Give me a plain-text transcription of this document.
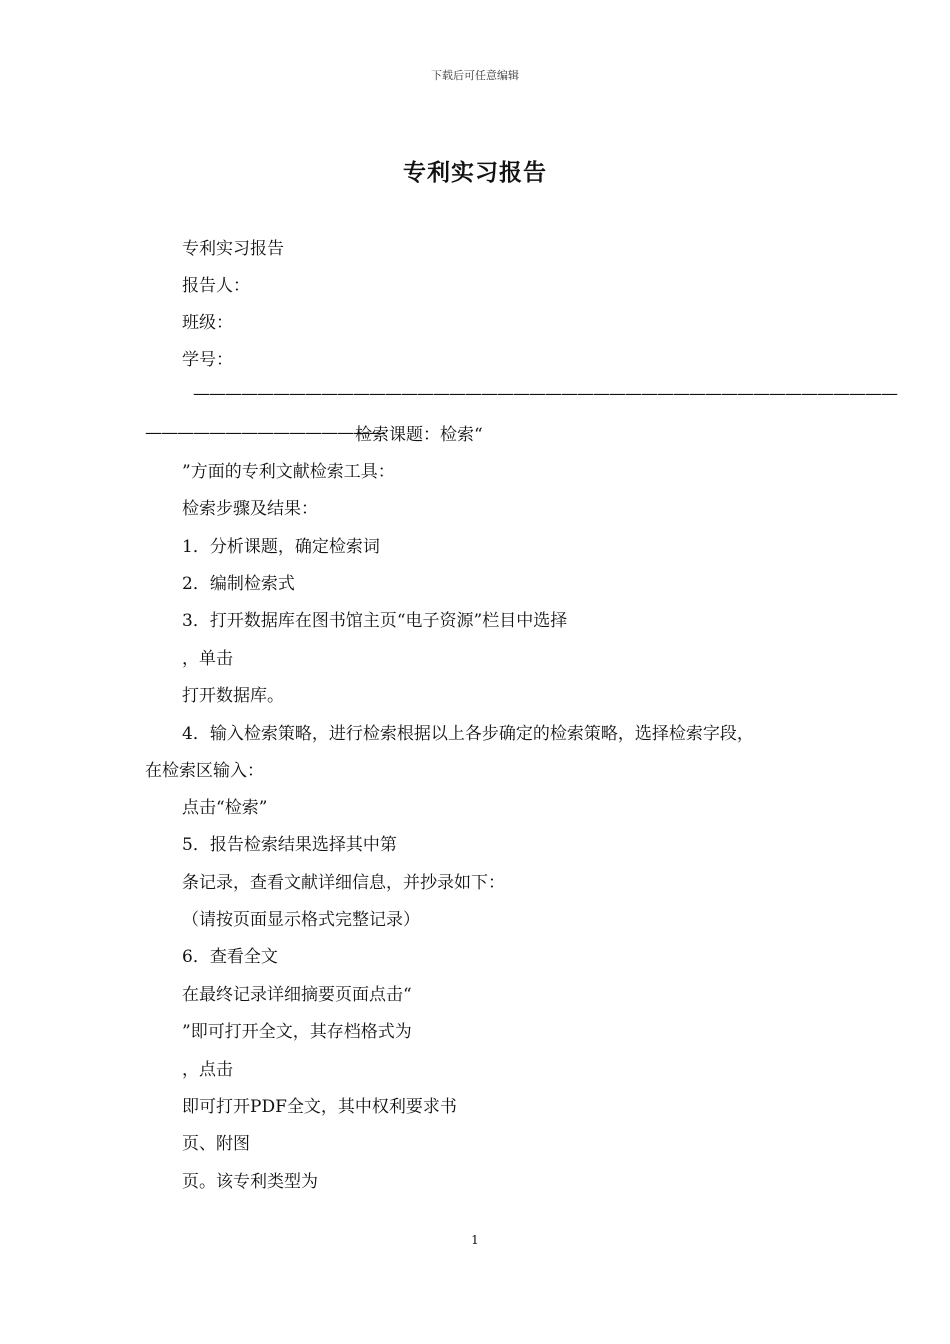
下载后可任意编辑
专利实习报告
专利实习报告
报告人：
班级：
学号：
————————————————————————————————————————————
———————————————
检索课题：检索“
”方面的专利文献检索工具：
检索步骤及结果：
1．分析课题，确定检索词
2．编制检索式
3．打开数据库在图书馆主页“电子资源”栏目中选择
，单击
打开数据库。
4．输入检索策略，进行检索根据以上各步确定的检索策略，选择检索字段，
在检索区输入：
点击“检索”
5．报告检索结果选择其中第
条记录，查看文献详细信息，并抄录如下：
（请按页面显示格式完整记录）
6．查看全文
在最终记录详细摘要页面点击“
”即可打开全文，其存档格式为
，点击
即可打开PDF全文，其中权利要求书
页、附图
页。该专利类型为
1
